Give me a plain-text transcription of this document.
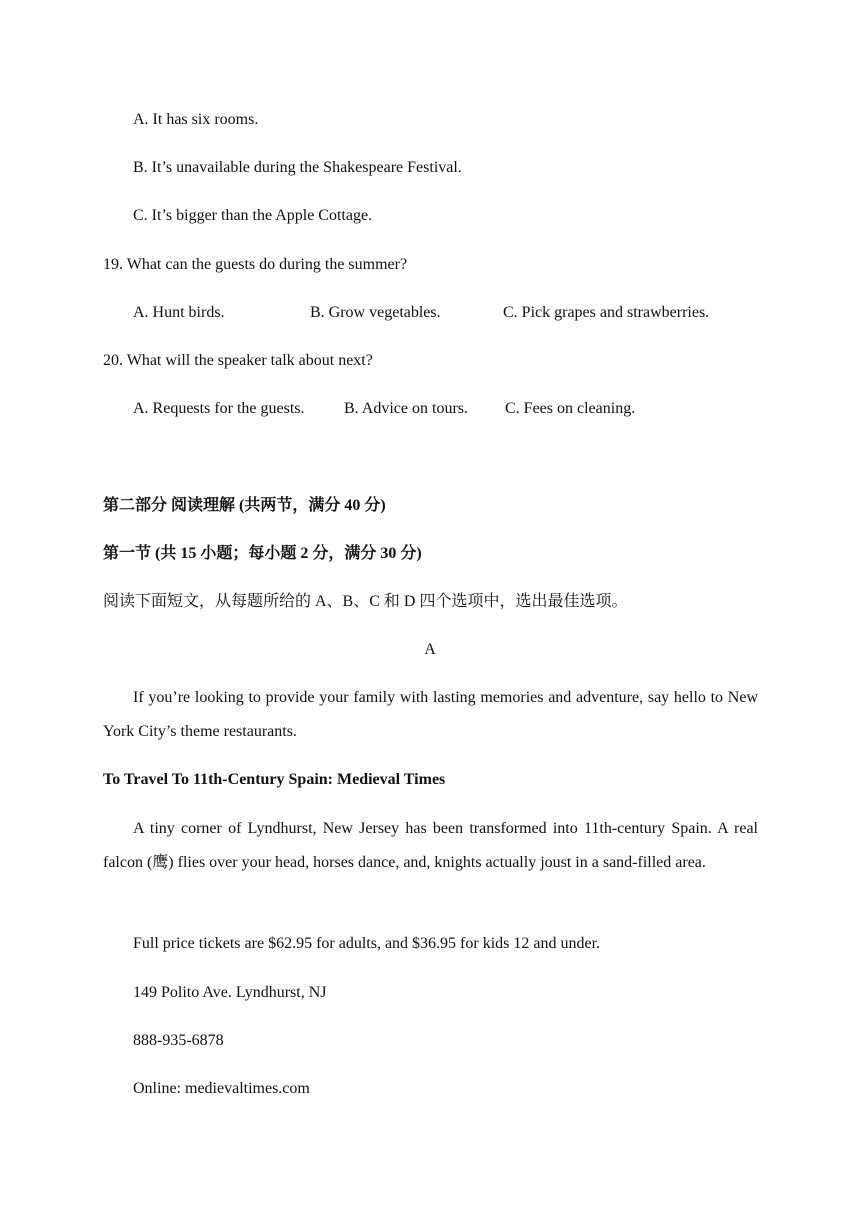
A. It has six rooms.
B. It’s unavailable during the Shakespeare Festival.
C. It’s bigger than the Apple Cottage.
19. What can the guests do during the summer?
A. Hunt birds.	B. Grow vegetables.	C. Pick grapes and strawberries.
20. What will the speaker talk about next?
A. Requests for the guests. B. Advice on tours. C. Fees on cleaning.
第二部分 阅读理解 (共两节，满分 40 分)
第一节 (共 15 小题；每小题 2 分，满分 30 分)
阅读下面短文，从每题所给的 A、B、C 和 D 四个选项中，选出最佳选项。
A
If you’re looking to provide your family with lasting memories and adventure, say hello to New York City’s theme restaurants.
To Travel To 11th-Century Spain: Medieval Times
A tiny corner of Lyndhurst, New Jersey has been transformed into 11th-century Spain. A real falcon (鹰) flies over your head, horses dance, and, knights actually joust in a sand-filled area.
Full price tickets are $62.95 for adults, and $36.95 for kids 12 and under.
149 Polito Ave. Lyndhurst, NJ
888-935-6878
Online: medievaltimes.com
